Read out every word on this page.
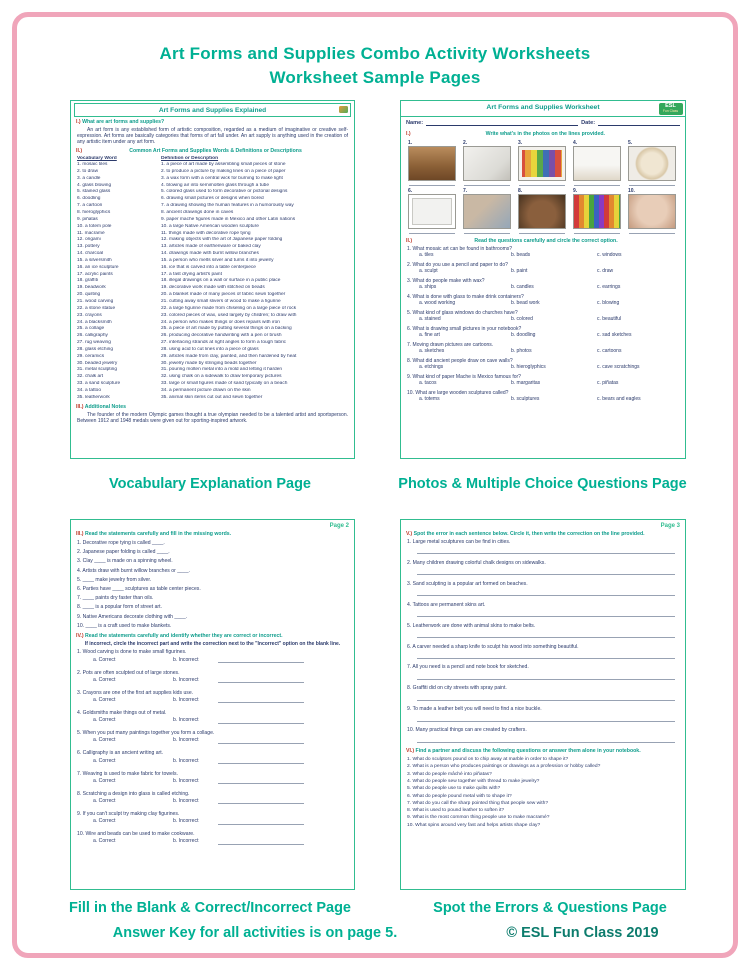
Art Forms and Supplies Combo Activity Worksheets
Worksheet Sample Pages
Art Forms and Supplies Explained
I.) What are art forms and supplies?
An art form is any established form of artistic composition, regarded as a medium of imaginative or creative self-expression. Art forms are basically categories that forms of art fall under. An art supply is anything used in the creation of any artistic item under any art form.
II.)	Common Art Forms and Supplies Words & Definitions or Descriptions
Vocabulary Word	Definition or Description
1. mosaic tiles	1. a piece of art made by assembling small pieces of stone
2. to draw	2. to produce a picture by making lines on a piece of paper
3. a candle	3. a wax form with a central wick for burning to make light
4. glass blowing	4. blowing air into semimolten glass through a tube
5. stained glass	5. colored glass used to form decorative or pictorial designs
6. doodling	6. drawing small pictures or designs when bored
7. a cartoon	7. a drawing showing the human features in a humorously way
8. hieroglyphics	8. ancient drawings done in caves
9. piñatas	9. paper mache figures made in Mexico and other Latin nations
10. a totem pole	10. a large Native American wooden sculpture
11. macramé	11. things made with decorative rope tying
12. origami	12. making objects with the art of Japanese paper folding
13. pottery	13. articles made of earthenware or baked clay
14. charcoal	14. drawings made with burnt willow branches
15. a silversmith	15. a person who melts silver and turns it into jewelry
16. an ice sculpture	16. ice that is carved into a table centerpiece
17. acrylic paints	17. a fast drying artist's paint
18. graffiti	18. illegal drawings on a wall or surface in a public place
19. beadwork	19. decorative work made with stitched on beads
20. quilting	20. a blanket made of many pieces of fabric sewn together
21. wood carving	21. cutting away small slivers of wood to make a figurine
22. a stone statue	22. a large figurine made from chiseling on a large piece of rock
23. crayons	23. colored pieces of wax, used largely by children; to draw with
24. a blacksmith	24. a person who makes things or does repairs with iron
25. a collage	25. a piece of art made by putting several things on a backing
26. calligraphy	26. producing decorative handwriting with a pen or brush
27. rug weaving	27. interlacing strands at right angles to form a tough fabric
28. glass etching	28. using acid to cut lines into a piece of glass
29. ceramics	29. articles made from clay, painted, and then hardened by heat
30. beaded jewelry	30. jewelry made by stringing beads together
31. metal sculpting	31. pouring molten metal into a mold and letting it harden
32. chalk art	32. using chalk on a sidewalk to draw temporary pictures
33. a sand sculpture	33. large or small figures made of sand typically on a beach
34. a tattoo	34. a permanent picture drawn on the skin
35. leatherwork	35. animal skin items cut out and sewn together
III.) Additional Notes
The founder of the modern Olympic games thought a true olympian needed to be a talented artist and sportsperson. Between 1912 and 1948 medals were given out for sporting-inspired artwork.
Art Forms and Supplies Worksheet	ESL
Fun Class
Name:	Date:
I.)	Write what's in the photos on the lines provided.
1.	2.	3.	4.	5.
6.	7.	8.	9.	10.
II.)	Read the questions carefully and circle the correct option.
1. What mosaic art can be found in bathrooms?
a. tiles	b. beads	c. windows
2. What do you use a pencil and paper to do?
a. sculpt	b. paint	c. draw
3. What do people make with wax?
a. ships	b. candles	c. earrings
4. What is done with glass to make drink containers?
a. wood working	b. bead work	c. blowing
5. What kind of glass windows do churches have?
a. stained	b. colored	c. beautiful
6. What is drawing small pictures in your notebook?
a. fine art	b. doodling	c. sad sketches
7. Moving drawn pictures are cartoons.
a. sketches	b. photos	c. cartoons
8. What did ancient people draw on cave walls?
a. etchings	b. hieroglyphics	c. cave scratchings
9. What kind of paper Mache is Mexico famous for?
a. tacos	b. margaritas	c. piñatas
10. What are large wooden sculptures called?
a. totems	b. sculptures	c. bears and eagles
Page 2
III.) Read the statements carefully and fill in the missing words.
1. Decorative rope tying is called ____.
2. Japanese paper folding is called ____.
3. Clay ____ is made on a spinning wheel.
4. Artists draw with burnt willow branches or ____.
5. ____ make jewelry from silver.
6. Parties have ____ sculptures as table center pieces.
7. ____ paints dry faster than oils.
8. ____ is a popular form of street art.
9. Native Americans decorate clothing with ____.
10. ____ is a craft used to make blankets.
IV.) Read the statements carefully and identify whether they are correct or incorrect.
If incorrect, circle the incorrect part and write the correction next to the "Incorrect" option on the blank line.
1. Wood carving is done to make small figurines.
a. Correct	b. Incorrect
2. Pots are often sculpted out of large stones.
a. Correct	b. Incorrect
3. Crayons are one of the first art supplies kids use.
a. Correct	b. Incorrect
4. Goldsmiths make things out of metal.
a. Correct	b. Incorrect
5. When you put many paintings together you form a collage.
a. Correct	b. Incorrect
6. Calligraphy is an ancient writing art.
a. Correct	b. Incorrect
7. Weaving is used to make fabric for towels.
a. Correct	b. Incorrect
8. Scratching a design into glass is called etching.
a. Correct	b. Incorrect
9. If you can't sculpt try making clay figurines.
a. Correct	b. Incorrect
10. Wire and beads can be used to make cookware.
a. Correct	b. Incorrect
Page 3
V.) Spot the error in each sentence below. Circle it, then write the correction on the line provided.
1. Large metal sculptures can be find in cities.
2. Many children drawing colorful chalk designs on sidewalks.
3. Sand sculpting is a popular art formed on beaches.
4. Tattoos are permanent skins art.
5. Leatherwork are done with animal skins to make belts.
6. A carver needed a sharp knife to sculpt his wood into something beautiful.
7. All you need is a pencil and note book for sketched.
8. Graffiti did on city streets with spray paint.
9. To made a leather belt you will need to find a nice buckle.
10. Many practical things can are created by crafters.
VI.) Find a partner and discuss the following questions or answer them alone in your notebook.
1. What do sculptors pound on to chip away at marble in order to shape it?
2. What is a person who produces paintings or drawings as a profession or hobby called?
3. What do people mâché into piñatas?
4. What do people sew together with thread to make jewelry?
5. What do people use to make quilts with?
6. What do people pound metal with to shape it?
7. What do you call the sharp pointed thing that people sew with?
8. What is used to pound leather to soften it?
9. What is the most common thing people use to make macramé?
10. What spins around very fast and helps artists shape clay?
Vocabulary Explanation Page	Photos & Multiple Choice Questions Page
Fill in the Blank & Correct/Incorrect Page	Spot the Errors & Questions Page
Answer Key for all activities is on page 5.	© ESL Fun Class 2019
